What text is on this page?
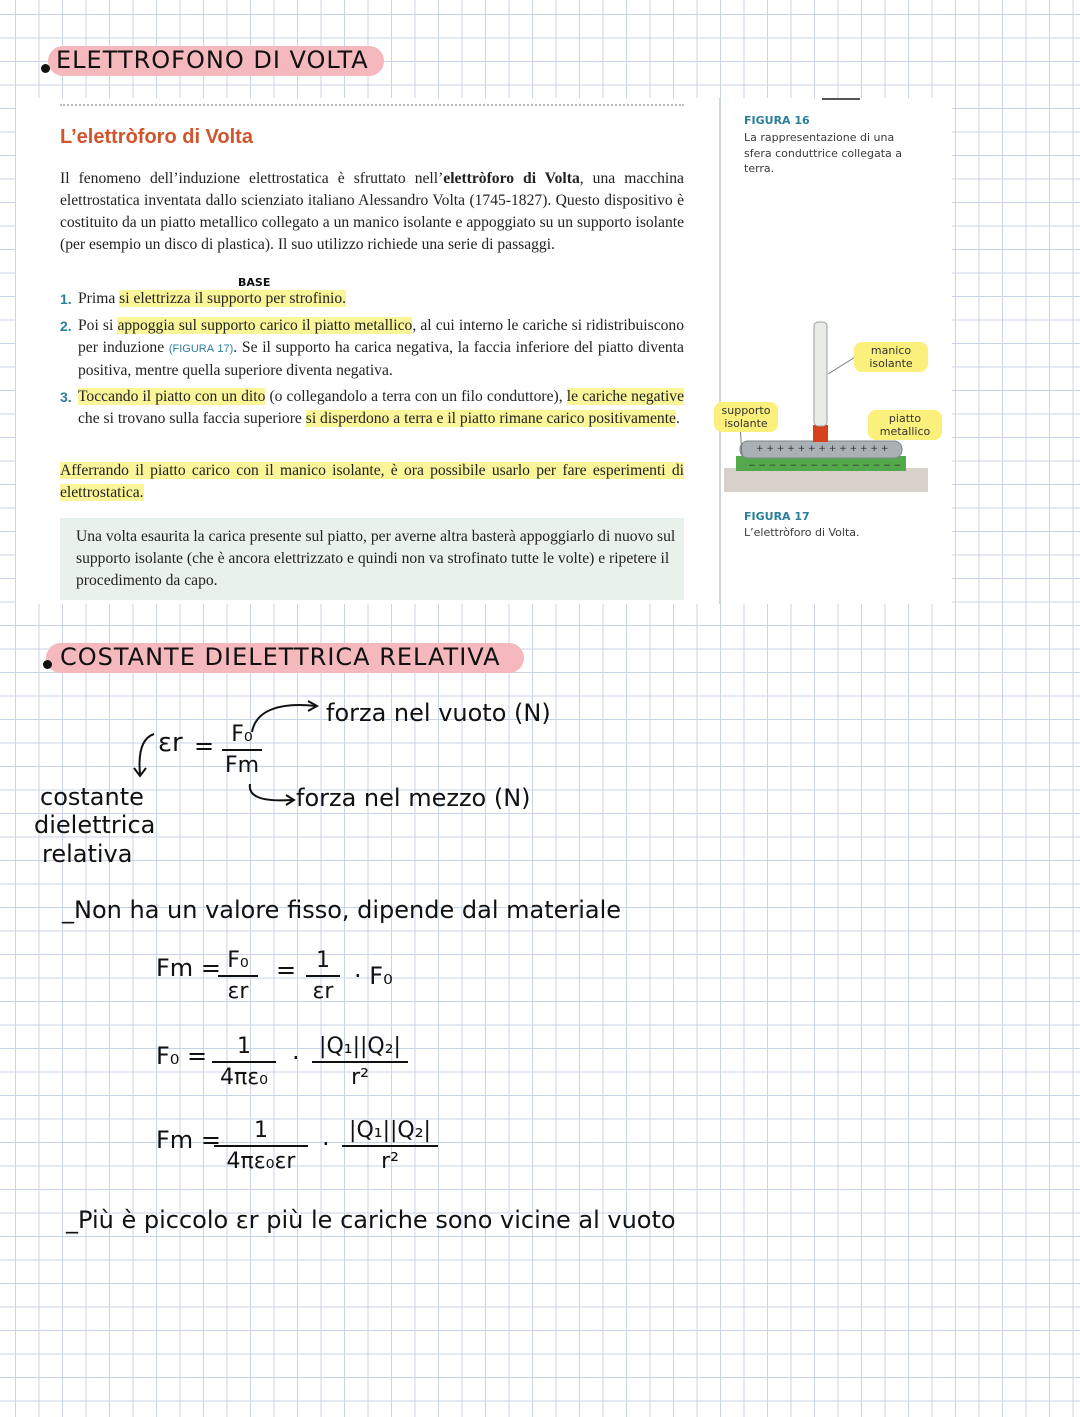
ELETTROFONO DI VOLTA
L’elettròforo di Volta
Il fenomeno dell’induzione elettrostatica è sfruttato nell’elettròforo di Volta, una macchina elettrostatica inventata dallo scienziato italiano Alessandro Volta (1745-1827). Questo dispositivo è costituito da un piatto metallico collegato a un manico isolante e appoggiato su un supporto isolante (per esempio un disco di plastica). Il suo utilizzo richiede una serie di passaggi.
BASE
1. Prima si elettrizza il supporto per strofinio.
2. Poi si appoggia sul supporto carico il piatto metallico, al cui interno le cariche si ridistribuiscono per induzione (FIGURA 17). Se il supporto ha carica negativa, la faccia inferiore del piatto diventa positiva, mentre quella superiore diventa negativa.
3. Toccando il piatto con un dito (o collegandolo a terra con un filo conduttore), le cariche negative che si trovano sulla faccia superiore si disperdono a terra e il piatto rimane carico positivamente.
Afferrando il piatto carico con il manico isolante, è ora possibile usarlo per fare esperimenti di elettrostatica.
Una volta esaurita la carica presente sul piatto, per averne altra basterà appoggiarlo di nuovo sul supporto isolante (che è ancora elettrizzato e quindi non va strofinato tutte le volte) e ripetere il procedimento da capo.
FIGURA 16
La rappresentazione di una sfera conduttrice collegata a terra.
+ + + + + + + + + + + + +
− − − − − − − − − − − − − − −
manico isolante
supporto isolante	piatto metallico
FIGURA 17
L’elettròforo di Volta.
COSTANTE DIELETTRICA RELATIVA
εr = F₀
Fm
forza nel vuoto (N)
forza nel mezzo (N)
costante
dielettrica
relativa
_Non ha un valore fisso, dipende dal materiale
Fm = F₀
εr
= 1
εr
· F₀
F₀ = 1
4πε₀
· |Q₁||Q₂|
r²
Fm = 1
4πε₀εr
· |Q₁||Q₂|
r²
_Più è piccolo εr più le cariche sono vicine al vuoto
